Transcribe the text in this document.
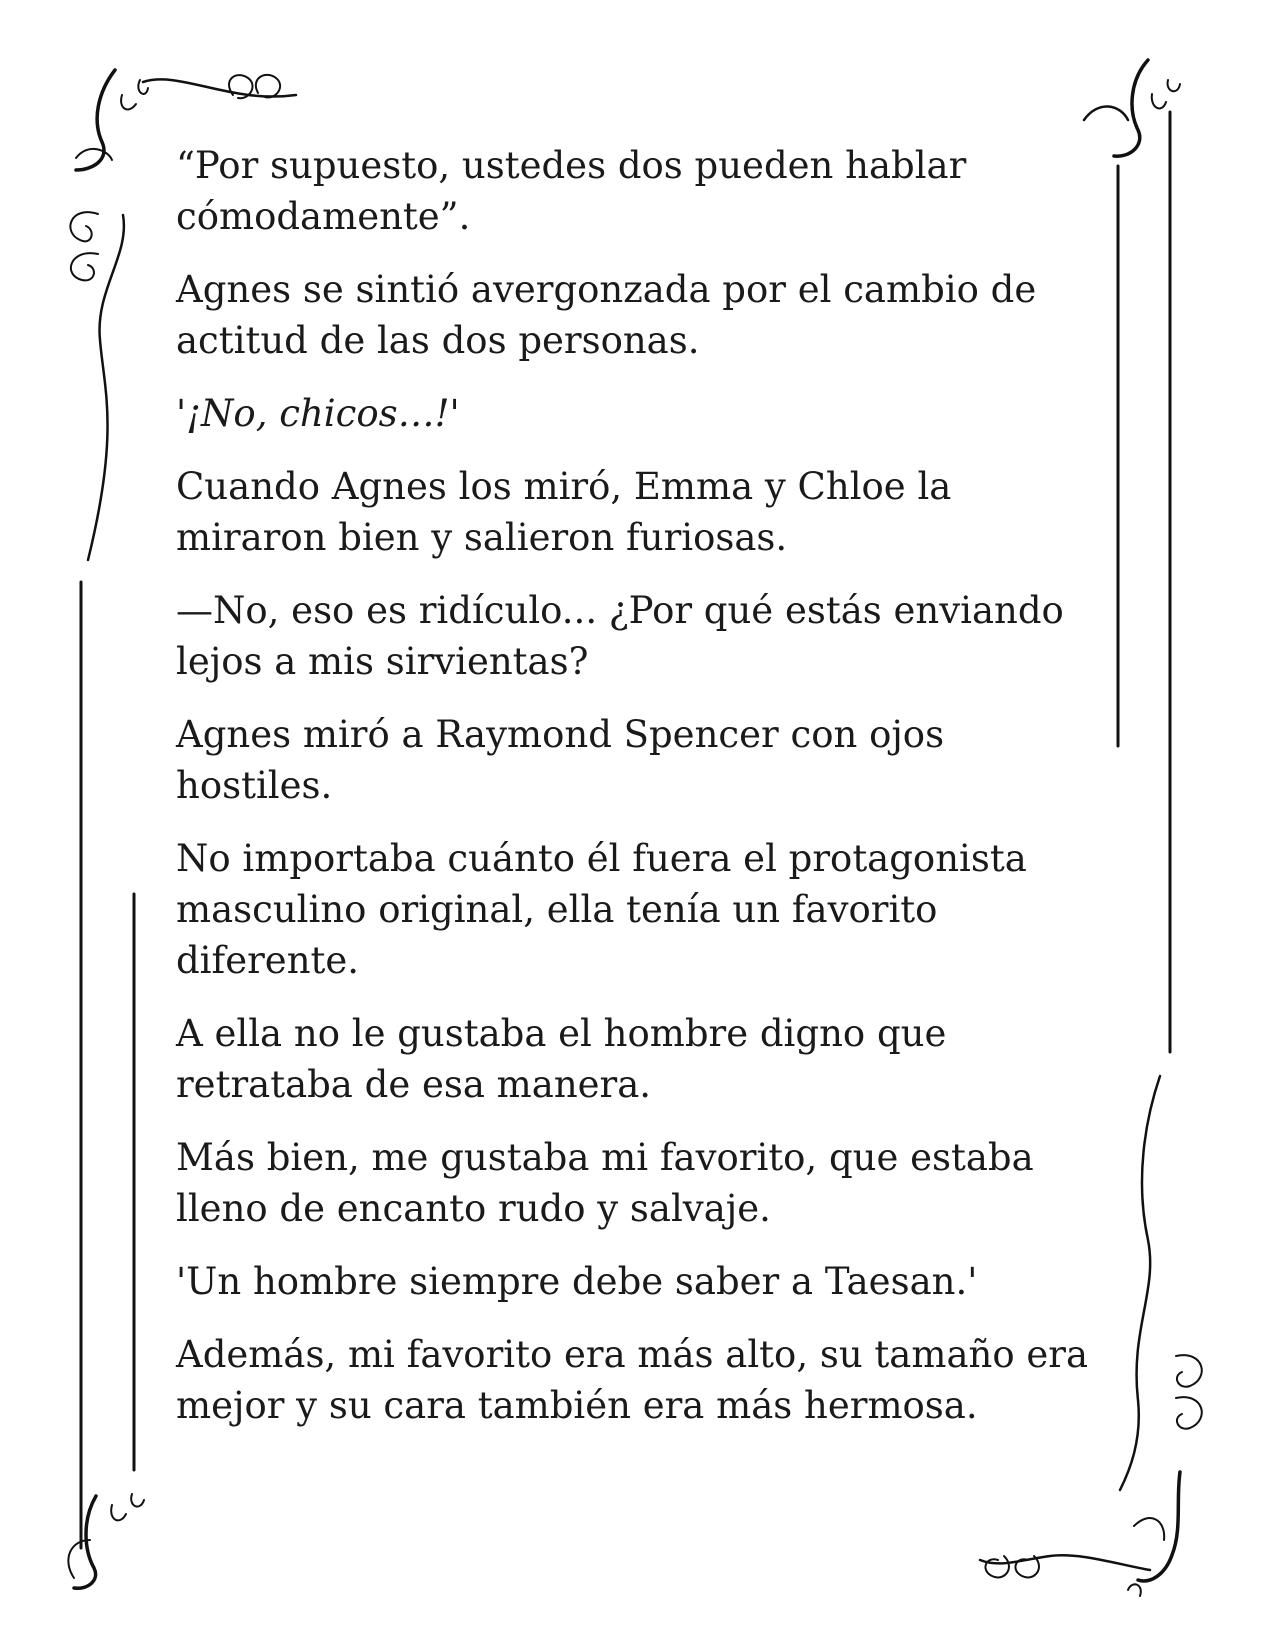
“Por supuesto, ustedes dos pueden hablar cómodamente”.

Agnes se sintió avergonzada por el cambio de actitud de las dos personas.

'¡No, chicos…!'

Cuando Agnes los miró, Emma y Chloe la miraron bien y salieron furiosas.

—No, eso es ridículo... ¿Por qué estás enviando lejos a mis sirvientas?

Agnes miró a Raymond Spencer con ojos hostiles.

No importaba cuánto él fuera el protagonista masculino original, ella tenía un favorito diferente.

A ella no le gustaba el hombre digno que retrataba de esa manera.

Más bien, me gustaba mi favorito, que estaba lleno de encanto rudo y salvaje.

'Un hombre siempre debe saber a Taesan.'

Además, mi favorito era más alto, su tamaño era mejor y su cara también era más hermosa.
